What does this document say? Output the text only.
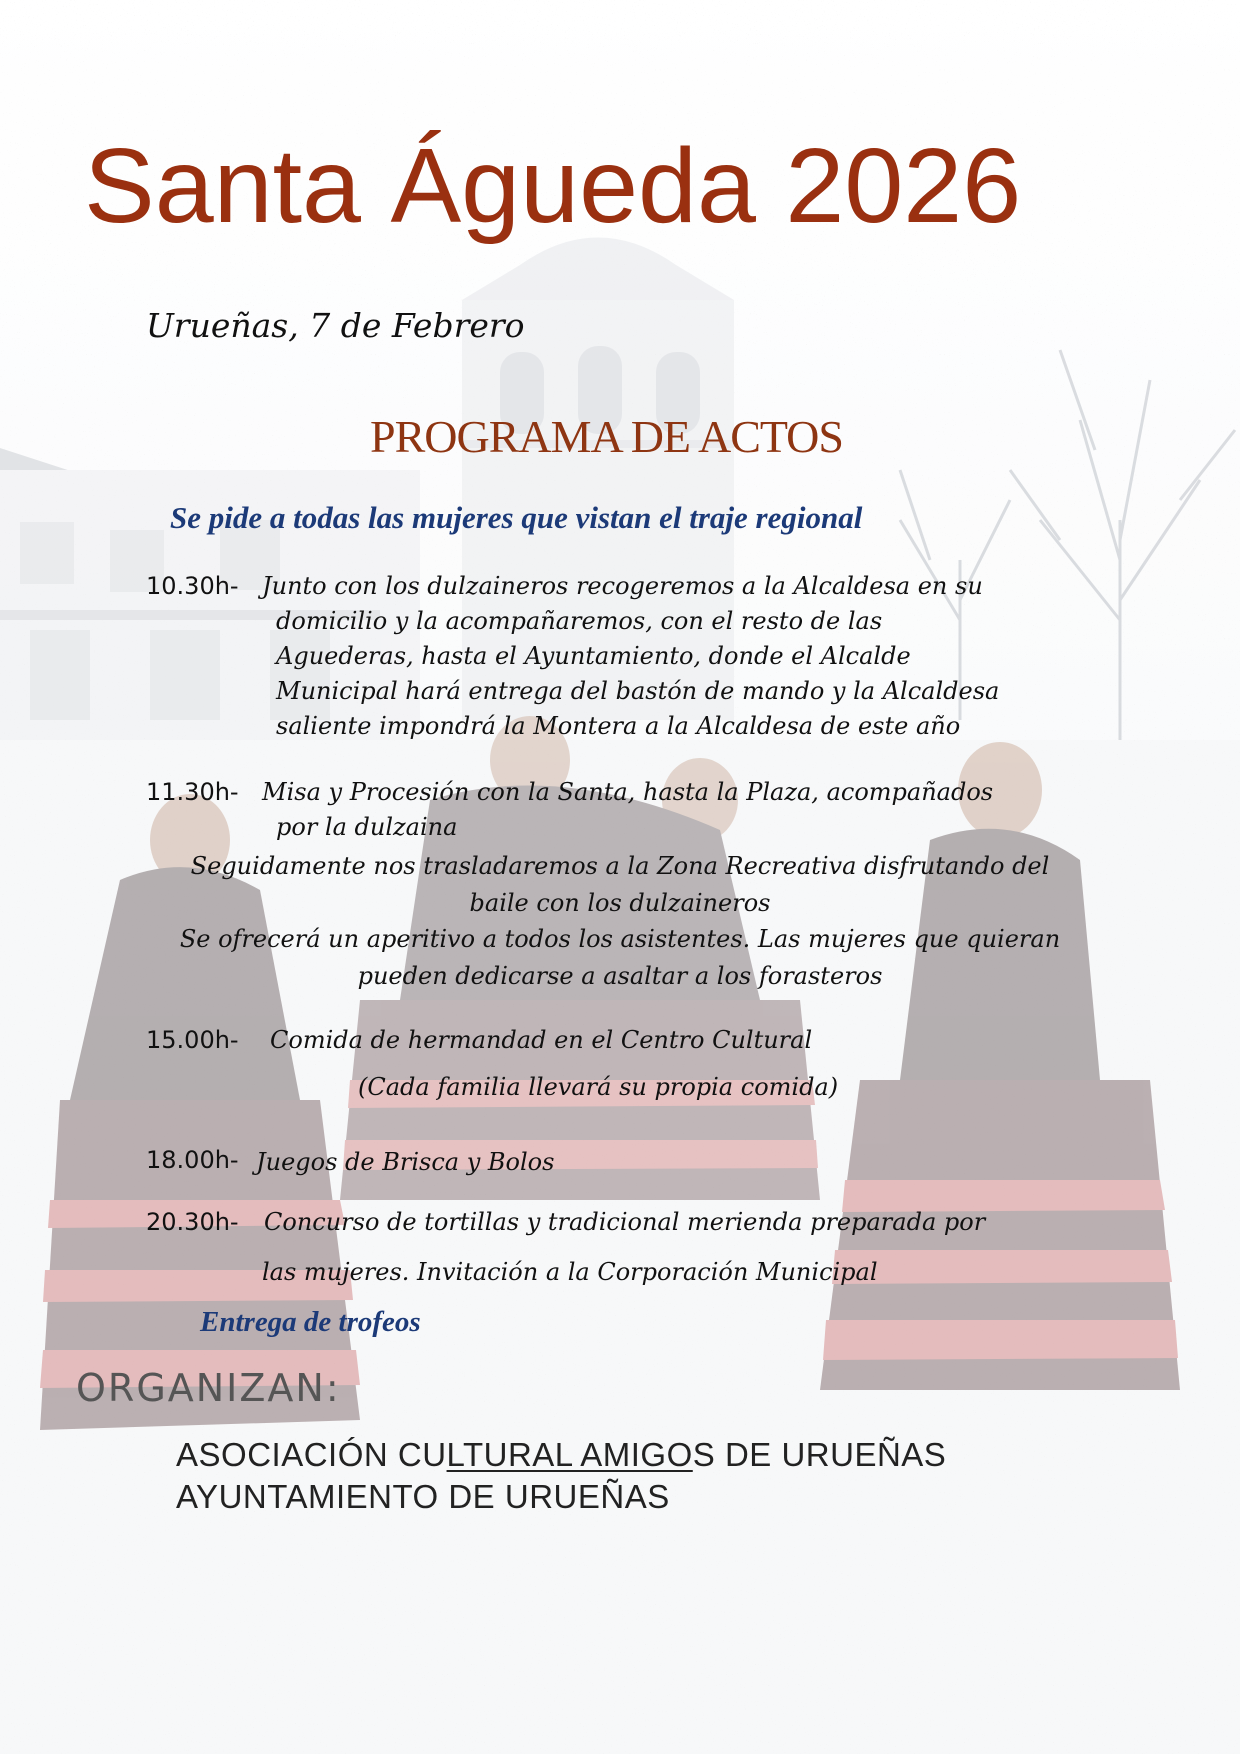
Santa Águeda 2026
Urueñas, 7 de Febrero
PROGRAMA DE ACTOS
Se pide a todas las mujeres que vistan el traje regional
10.30h- Junto con los dulzaineros recogeremos a la Alcaldesa en su
domicilio y la acompañaremos, con el resto de las
Aguederas, hasta el Ayuntamiento, donde el Alcalde
Municipal hará entrega del bastón de mando y la Alcaldesa
saliente impondrá la Montera a la Alcaldesa de este año
11.30h- Misa y Procesión con la Santa, hasta la Plaza, acompañados
por la dulzaina
Seguidamente nos trasladaremos a la Zona Recreativa disfrutando del
baile con los dulzaineros
Se ofrecerá un aperitivo a todos los asistentes. Las mujeres que quieran
pueden dedicarse a asaltar a los forasteros
15.00h- Comida de hermandad en el Centro Cultural
(Cada familia llevará su propia comida)
18.00h- Juegos de Brisca y Bolos
20.30h- Concurso de tortillas y tradicional merienda preparada por
las mujeres. Invitación a la Corporación Municipal
Entrega de trofeos
ORGANIZAN:
ASOCIACIÓN CULTURAL AMIGOS DE URUEÑAS
AYUNTAMIENTO DE URUEÑAS
